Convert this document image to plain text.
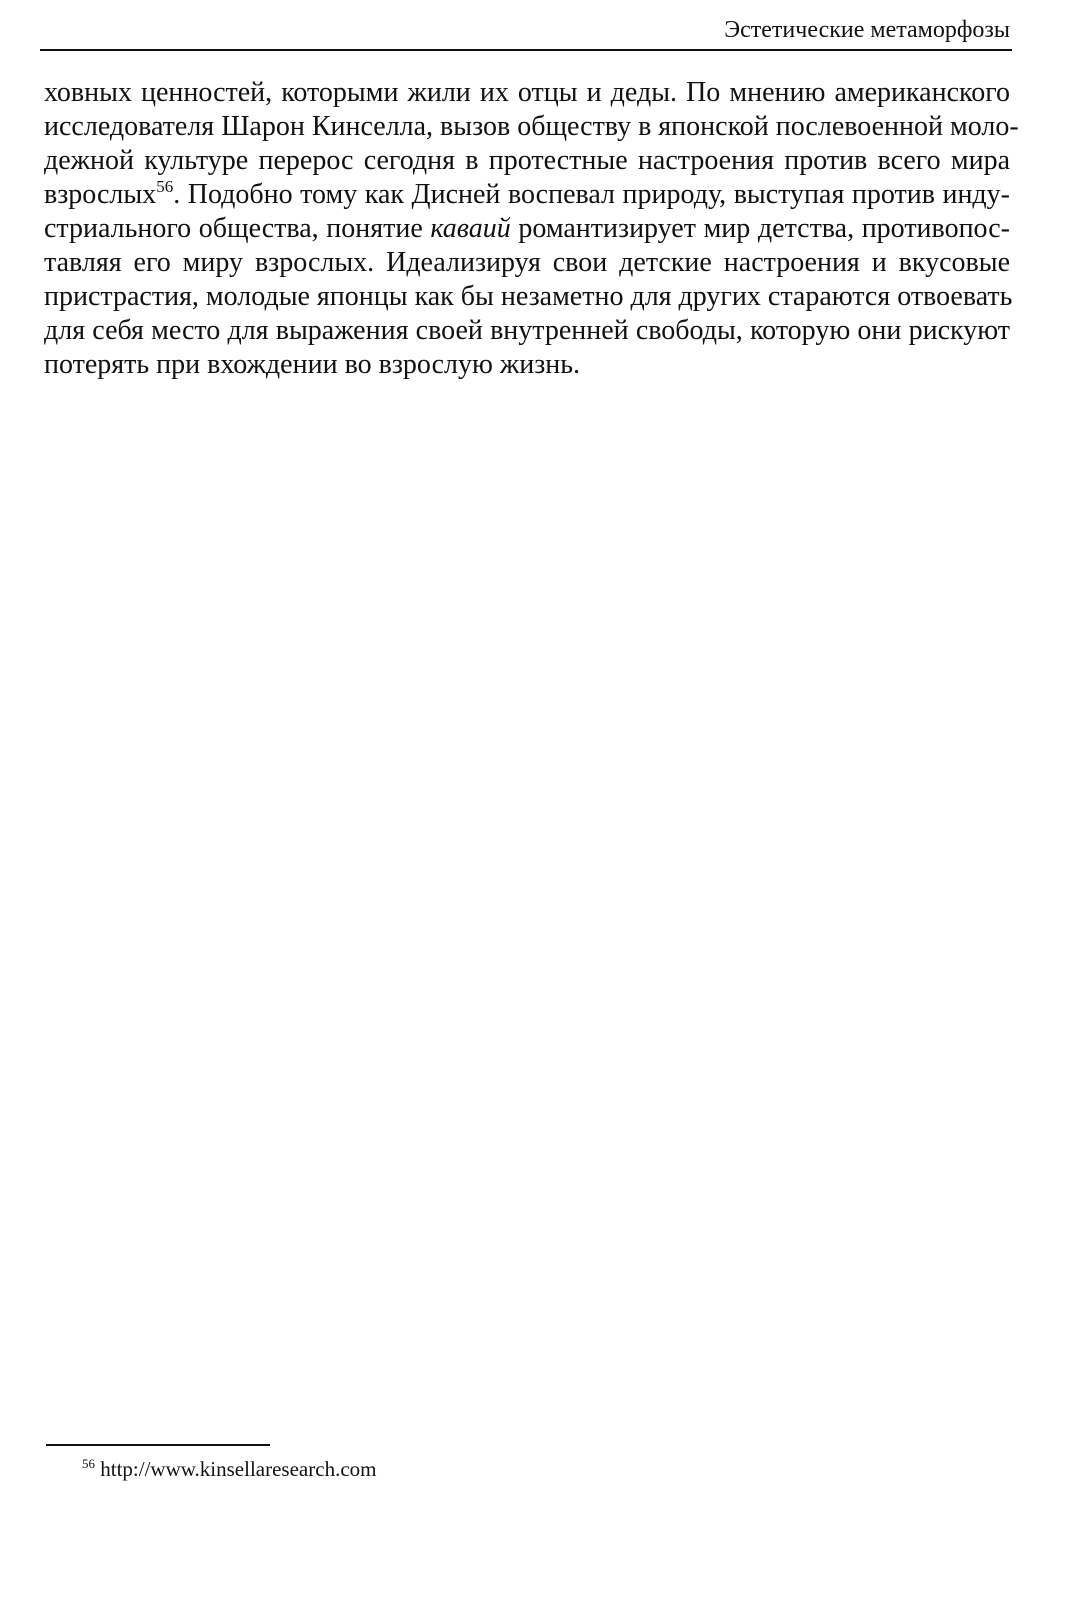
Эстетические метаморфозы
ховных ценностей, которыми жили их отцы и деды. По мнению американского
исследователя Шарон Кинселла, вызов обществу в японской послевоенной моло-
дежной культуре перерос сегодня в протестные настроения против всего мира
взрослых$^{56}$. Подобно тому как Дисней воспевал природу, выступая против инду-
стриального общества, понятие каваий романтизирует мир детства, противопос-
тавляя его миру взрослых. Идеализируя свои детские настроения и вкусовые
пристрастия, молодые японцы как бы незаметно для других стараются отвоевать
для себя место для выражения своей внутренней свободы, которую они рискуют
потерять при вхождении во взрослую жизнь.
$^{56}$ http://www.kinsellaresearch.com
